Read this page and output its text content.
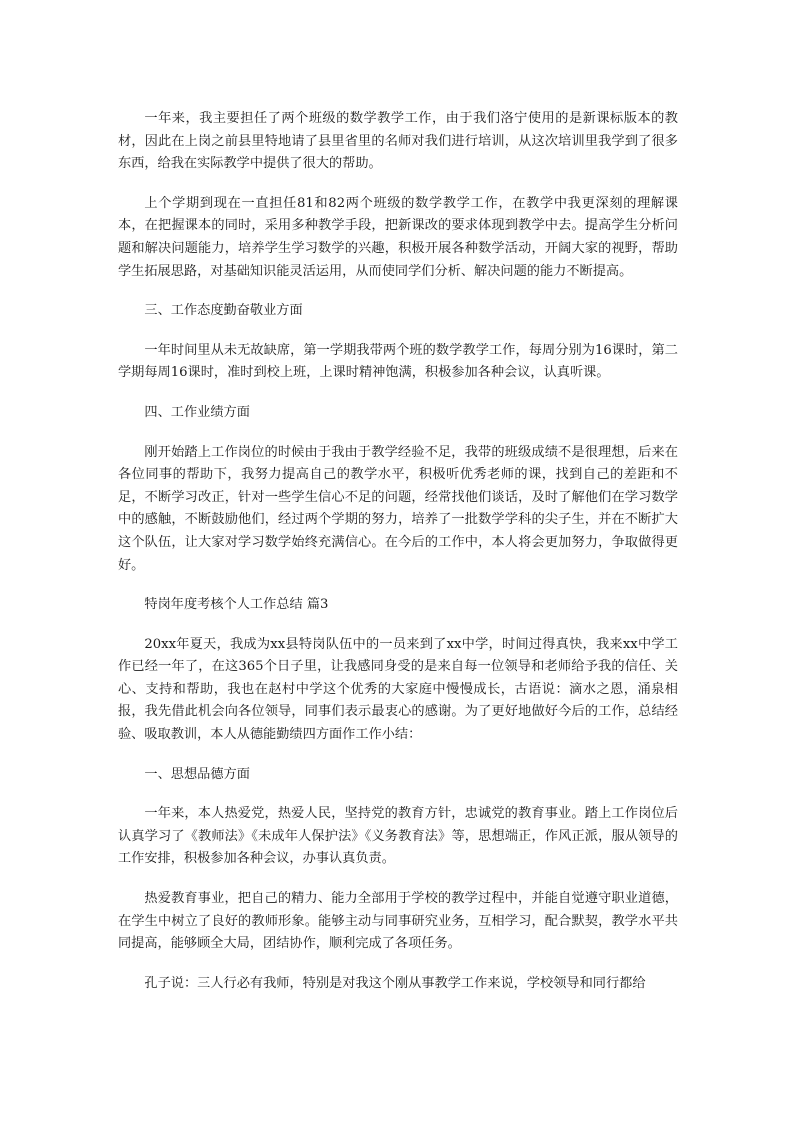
一年来，我主要担任了两个班级的数学教学工作，由于我们洛宁使用的是新课标版本的教材，因此在上岗之前县里特地请了县里省里的名师对我们进行培训，从这次培训里我学到了很多东西，给我在实际教学中提供了很大的帮助。

上个学期到现在一直担任81和82两个班级的数学教学工作，在教学中我更深刻的理解课本，在把握课本的同时，采用多种教学手段，把新课改的要求体现到教学中去。提高学生分析问题和解决问题能力，培养学生学习数学的兴趣，积极开展各种数学活动，开阔大家的视野，帮助学生拓展思路，对基础知识能灵活运用，从而使同学们分析、解决问题的能力不断提高。

三、工作态度勤奋敬业方面

一年时间里从未无故缺席，第一学期我带两个班的数学教学工作，每周分别为16课时，第二学期每周16课时，准时到校上班，上课时精神饱满，积极参加各种会议，认真听课。

四、工作业绩方面

刚开始踏上工作岗位的时候由于我由于教学经验不足，我带的班级成绩不是很理想，后来在各位同事的帮助下，我努力提高自己的教学水平，积极听优秀老师的课，找到自己的差距和不足，不断学习改正，针对一些学生信心不足的问题，经常找他们谈话，及时了解他们在学习数学中的感触，不断鼓励他们，经过两个学期的努力，培养了一批数学学科的尖子生，并在不断扩大这个队伍，让大家对学习数学始终充满信心。在今后的工作中，本人将会更加努力，争取做得更好。

特岗年度考核个人工作总结 篇3

20xx年夏天，我成为xx县特岗队伍中的一员来到了xx中学，时间过得真快，我来xx中学工作已经一年了，在这365个日子里，让我感同身受的是来自每一位领导和老师给予我的信任、关心、支持和帮助，我也在赵村中学这个优秀的大家庭中慢慢成长，古语说：滴水之恩，涌泉相报，我先借此机会向各位领导，同事们表示最衷心的感谢。为了更好地做好今后的工作，总结经验、吸取教训，本人从德能勤绩四方面作工作小结：

一、思想品德方面

一年来，本人热爱党，热爱人民，坚持党的教育方针，忠诚党的教育事业。踏上工作岗位后认真学习了《教师法》《未成年人保护法》《义务教育法》等，思想端正，作风正派，服从领导的工作安排，积极参加各种会议，办事认真负责。

热爱教育事业，把自己的精力、能力全部用于学校的教学过程中，并能自觉遵守职业道德，在学生中树立了良好的教师形象。能够主动与同事研究业务，互相学习，配合默契，教学水平共同提高，能够顾全大局，团结协作，顺利完成了各项任务。

孔子说：三人行必有我师，特别是对我这个刚从事教学工作来说，学校领导和同行都给
